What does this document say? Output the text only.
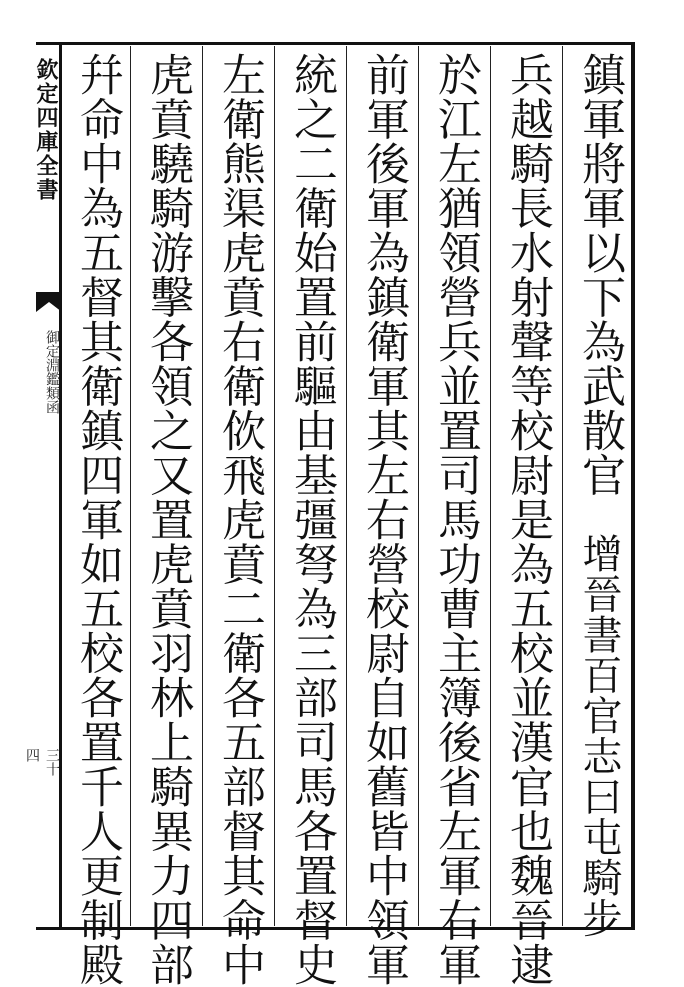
欽定四庫全書
御定淵鑑類函
三十四
鎮軍將軍以下為武散官增晉書百官志曰屯騎步
兵越騎長水射聲等校尉是為五校並漢官也魏晉逮
於江左猶領營兵並置司馬功曹主簿後省左軍右軍
前軍後軍為鎮衛軍其左右營校尉自如舊皆中領軍
統之二衛始置前驅由基彊弩為三部司馬各置督史
左衛熊渠虎賁右衛佽飛虎賁二衛各五部督其命中
虎賁驍騎游擊各領之又置虎賁羽林上騎異力四部
幷命中為五督其衛鎮四軍如五校各置千人更制殿
